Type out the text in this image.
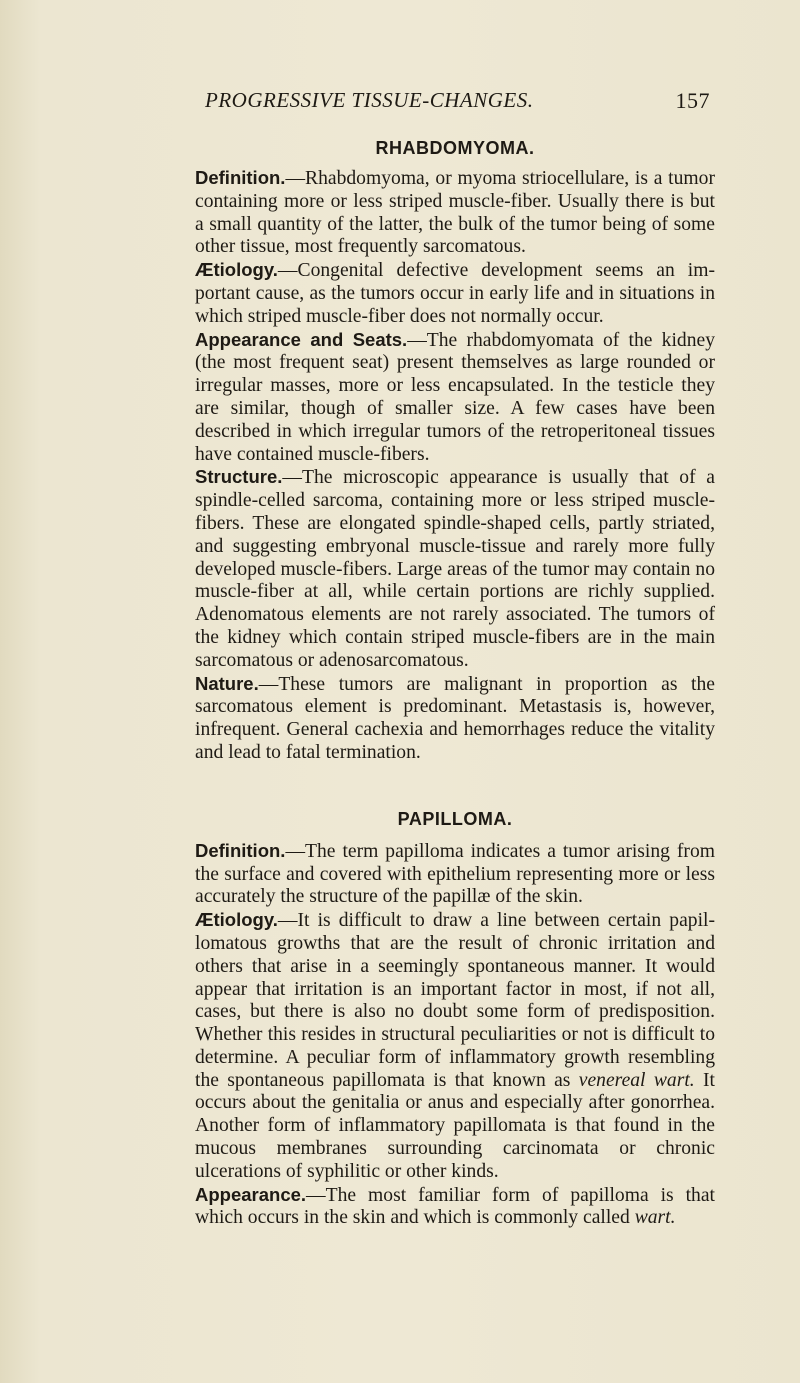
PROGRESSIVE TISSUE-CHANGES.	157
RHABDOMYOMA.

Definition.—Rhabdomyoma, or myoma striocellulare, is a tumor containing more or less striped muscle-fiber. Usually there is but a small quantity of the latter, the bulk of the tumor being of some other tissue, most frequently sarcomatous.

Ætiology.—Congenital defective development seems an important cause, as the tumors occur in early life and in situations in which striped muscle-fiber does not normally occur.

Appearance and Seats.—The rhabdomyomata of the kidney (the most frequent seat) present themselves as large rounded or irregular masses, more or less encapsulated. In the testicle they are similar, though of smaller size. A few cases have been described in which irregular tumors of the retroperitoneal tissues have contained muscle-fibers.

Structure.—The microscopic appearance is usually that of a spindle-celled sarcoma, containing more or less striped muscle-fibers. These are elongated spindle-shaped cells, partly striated, and suggesting embryonal muscle-tissue and rarely more fully developed muscle-fibers. Large areas of the tumor may contain no muscle-fiber at all, while certain portions are richly supplied. Adenomatous elements are not rarely associated. The tumors of the kidney which contain striped muscle-fibers are in the main sarcomatous or adenosarcomatous.

Nature.—These tumors are malignant in proportion as the sarcomatous element is predominant. Metastasis is, however, infrequent. General cachexia and hemorrhages reduce the vitality and lead to fatal termination.

PAPILLOMA.

Definition.—The term papilloma indicates a tumor arising from the surface and covered with epithelium representing more or less accurately the structure of the papillæ of the skin.

Ætiology.—It is difficult to draw a line between certain papillomatous growths that are the result of chronic irritation and others that arise in a seemingly spontaneous manner. It would appear that irritation is an important factor in most, if not all, cases, but there is also no doubt some form of predisposition. Whether this resides in structural peculiarities or not is difficult to determine. A peculiar form of inflammatory growth resembling the spontaneous papillomata is that known as venereal wart. It occurs about the genitalia or anus and especially after gonorrhea. Another form of inflammatory papillomata is that found in the mucous membranes surrounding carcinomata or chronic ulcerations of syphilitic or other kinds.

Appearance.—The most familiar form of papilloma is that which occurs in the skin and which is commonly called wart.
